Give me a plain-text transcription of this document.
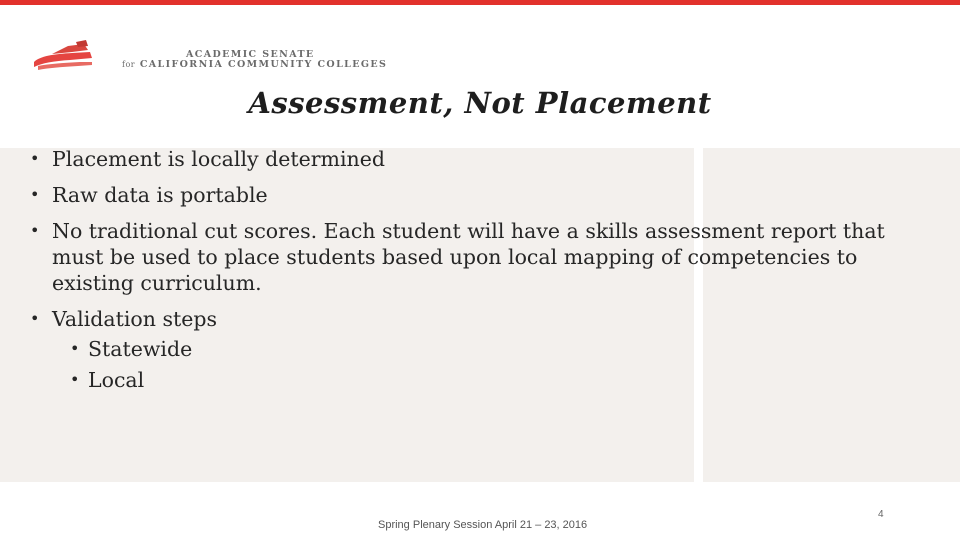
ACADEMIC SENATE
for CALIFORNIA COMMUNITY COLLEGES
Assessment, Not Placement
• Placement is locally determined
• Raw data is portable
• No traditional cut scores. Each student will have a skills assessment report that must be used to place students based upon local mapping of competencies to existing curriculum.
• Validation steps
• Statewide
• Local
Spring Plenary Session April 21 – 23, 2016
4
